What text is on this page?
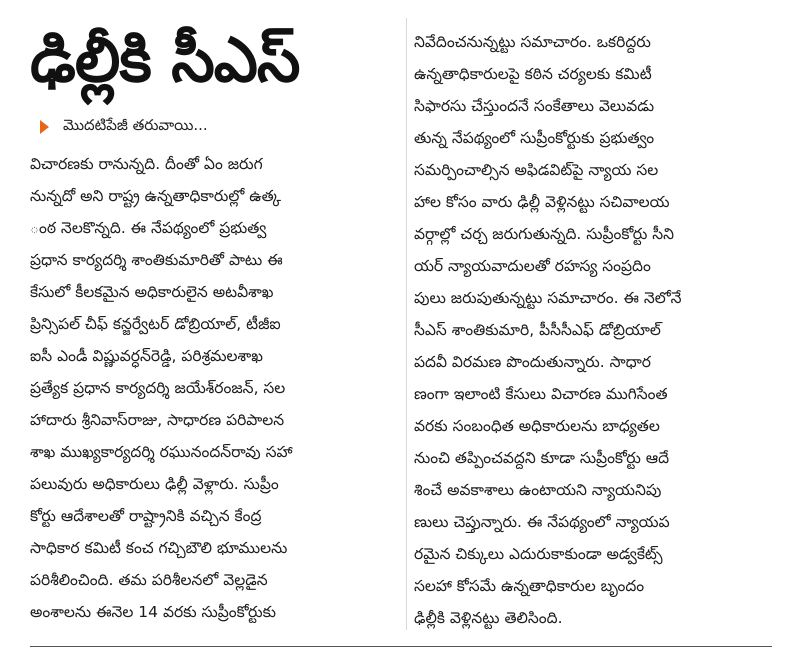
ఢిల్లీకి సీఎస్
మొదటిపేజీ తరువాయి...
విచారణకు రానున్నది. దీంతో ఏం జరుగ
నున్నదో అని రాష్ట్ర ఉన్నతాధికారుల్లో ఉత్క
ంఠ నెలకొన్నది. ఈ నేపథ్యంలో ప్రభుత్వ
ప్రధాన కార్యదర్శి శాంతికుమారితో పాటు ఈ
కేసులో కీలకమైన అధికారులైన అటవీశాఖ
ప్రిన్సిపల్ చీఫ్ కన్జర్వేటర్ డోబ్రియాల్, టీజీఐ
ఐసీ ఎండీ విష్ణువర్ధన్‌రెడ్డి, పరిశ్రమలశాఖ
ప్రత్యేక ప్రధాన కార్యదర్శి జయేశ్‌రంజన్, సల
హాదారు శ్రీనివాస్‌రాజు, సాధారణ పరిపాలన
శాఖ ముఖ్యకార్యదర్శి రఘునందన్‌రావు సహా
పలువురు అధికారులు ఢిల్లీ వెళ్లారు. సుప్రీం
కోర్టు ఆదేశాలతో రాష్ట్రానికి వచ్చిన కేంద్ర
సాధికార కమిటీ కంచ గచ్చిబౌలి భూములను
పరిశీలించింది. తమ పరిశీలనలో వెల్లడైన
అంశాలను ఈనెల 14 వరకు సుప్రీంకోర్టుకు
నివేదించనున్నట్టు సమాచారం. ఒకరిద్దరు
ఉన్నతాధికారులపై కఠిన చర్యలకు కమిటీ
సిఫారసు చేస్తుందనే సంకేతాలు వెలువడు
తున్న నేపథ్యంలో సుప్రీంకోర్టుకు ప్రభుత్వం
సమర్పించాల్సిన అఫిడవిట్‌పై న్యాయ సల
హాల కోసం వారు ఢిల్లీ వెళ్లినట్టు సచివాలయ
వర్గాల్లో చర్చ జరుగుతున్నది. సుప్రీంకోర్టు సీని
యర్ న్యాయవాదులతో రహస్య సంప్రదిం
పులు జరుపుతున్నట్టు సమాచారం. ఈ నెలోనే
సీఎస్ శాంతికుమారి, పీసీసీఎఫ్ డోబ్రియాల్
పదవీ విరమణ పొందుతున్నారు. సాధార
ణంగా ఇలాంటి కేసులు విచారణ ముగిసేంత
వరకు సంబంధిత అధికారులను బాధ్యతల
నుంచి తప్పించవద్దని కూడా సుప్రీంకోర్టు ఆదే
శించే అవకాశాలు ఉంటాయని న్యాయనిపు
ణులు చెప్తున్నారు. ఈ నేపథ్యంలో న్యాయప
రమైన చిక్కులు ఎదురుకాకుండా అడ్వకేట్స్
సలహా కోసమే ఉన్నతాధికారుల బృందం
ఢిల్లీకి వెళ్లినట్టు తెలిసింది.
